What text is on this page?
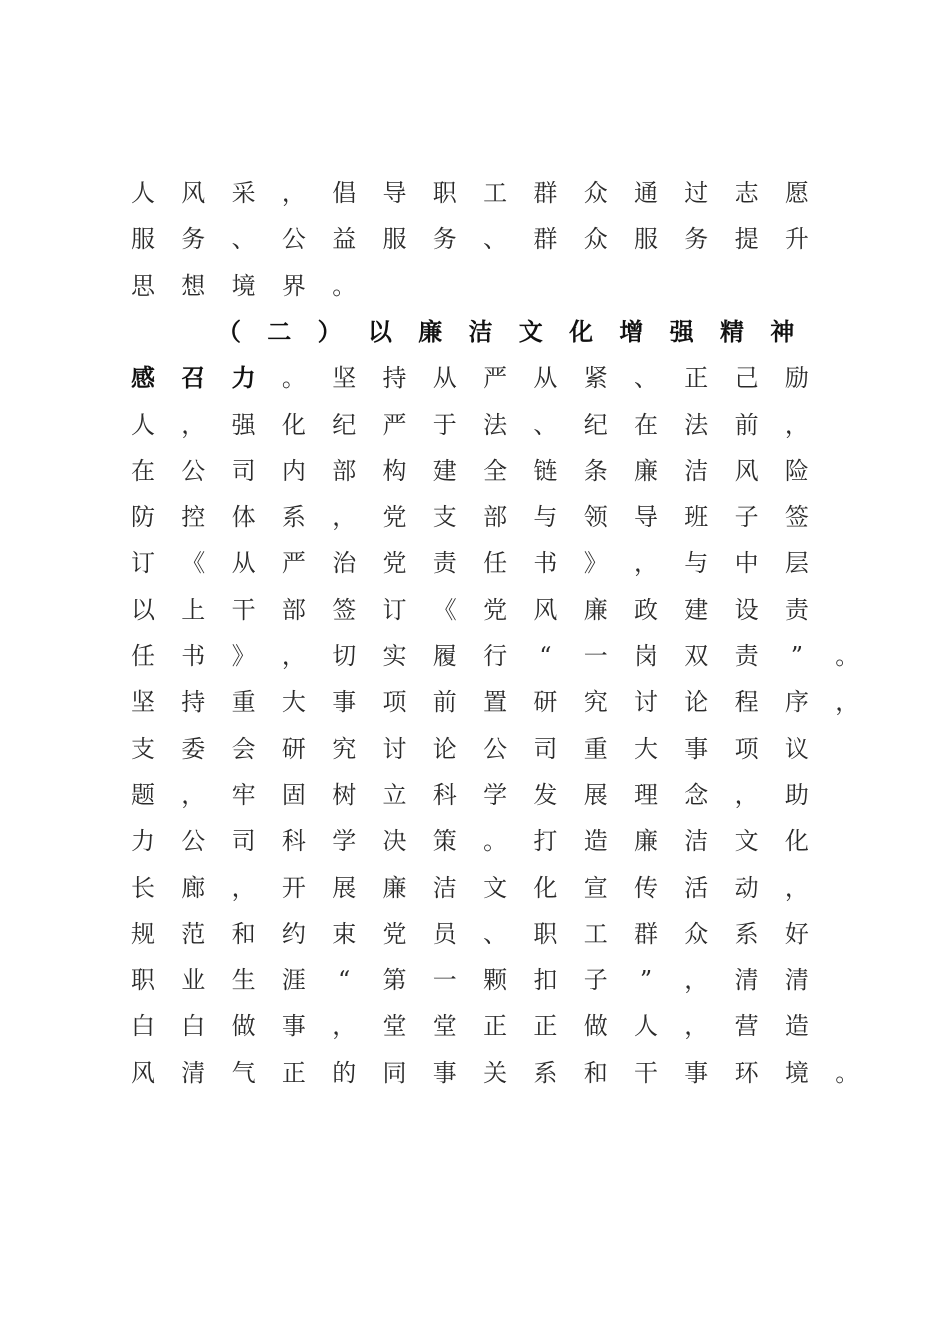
人 风 采 ， 倡 导 职 工 群 众 通 过 志 愿
服 务 、 公 益 服 务 、 群 众 服 务 提 升
思 想 境 界 。
（ 二 ） 以 廉 洁 文 化 增 强 精 神
感 召 力 。 坚 持 从 严 从 紧 、 正 己 励
人 ， 强 化 纪 严 于 法 、 纪 在 法 前 ，
在 公 司 内 部 构 建 全 链 条 廉 洁 风 险
防 控 体 系 ， 党 支 部 与 领 导 班 子 签
订 《 从 严 治 党 责 任 书 》 ， 与 中 层
以 上 干 部 签 订 《 党 风 廉 政 建 设 责
任 书 》 ， 切 实 履 行 “ 一 岗 双 责 ” 。
坚 持 重 大 事 项 前 置 研 究 讨 论 程 序 ，
支 委 会 研 究 讨 论 公 司 重 大 事 项 议
题 ， 牢 固 树 立 科 学 发 展 理 念 ， 助
力 公 司 科 学 决 策 。 打 造 廉 洁 文 化
长 廊 ， 开 展 廉 洁 文 化 宣 传 活 动 ，
规 范 和 约 束 党 员 、 职 工 群 众 系 好
职 业 生 涯 “ 第 一 颗 扣 子 ” ， 清 清
白 白 做 事 ， 堂 堂 正 正 做 人 ， 营 造
风 清 气 正 的 同 事 关 系 和 干 事 环 境 。
